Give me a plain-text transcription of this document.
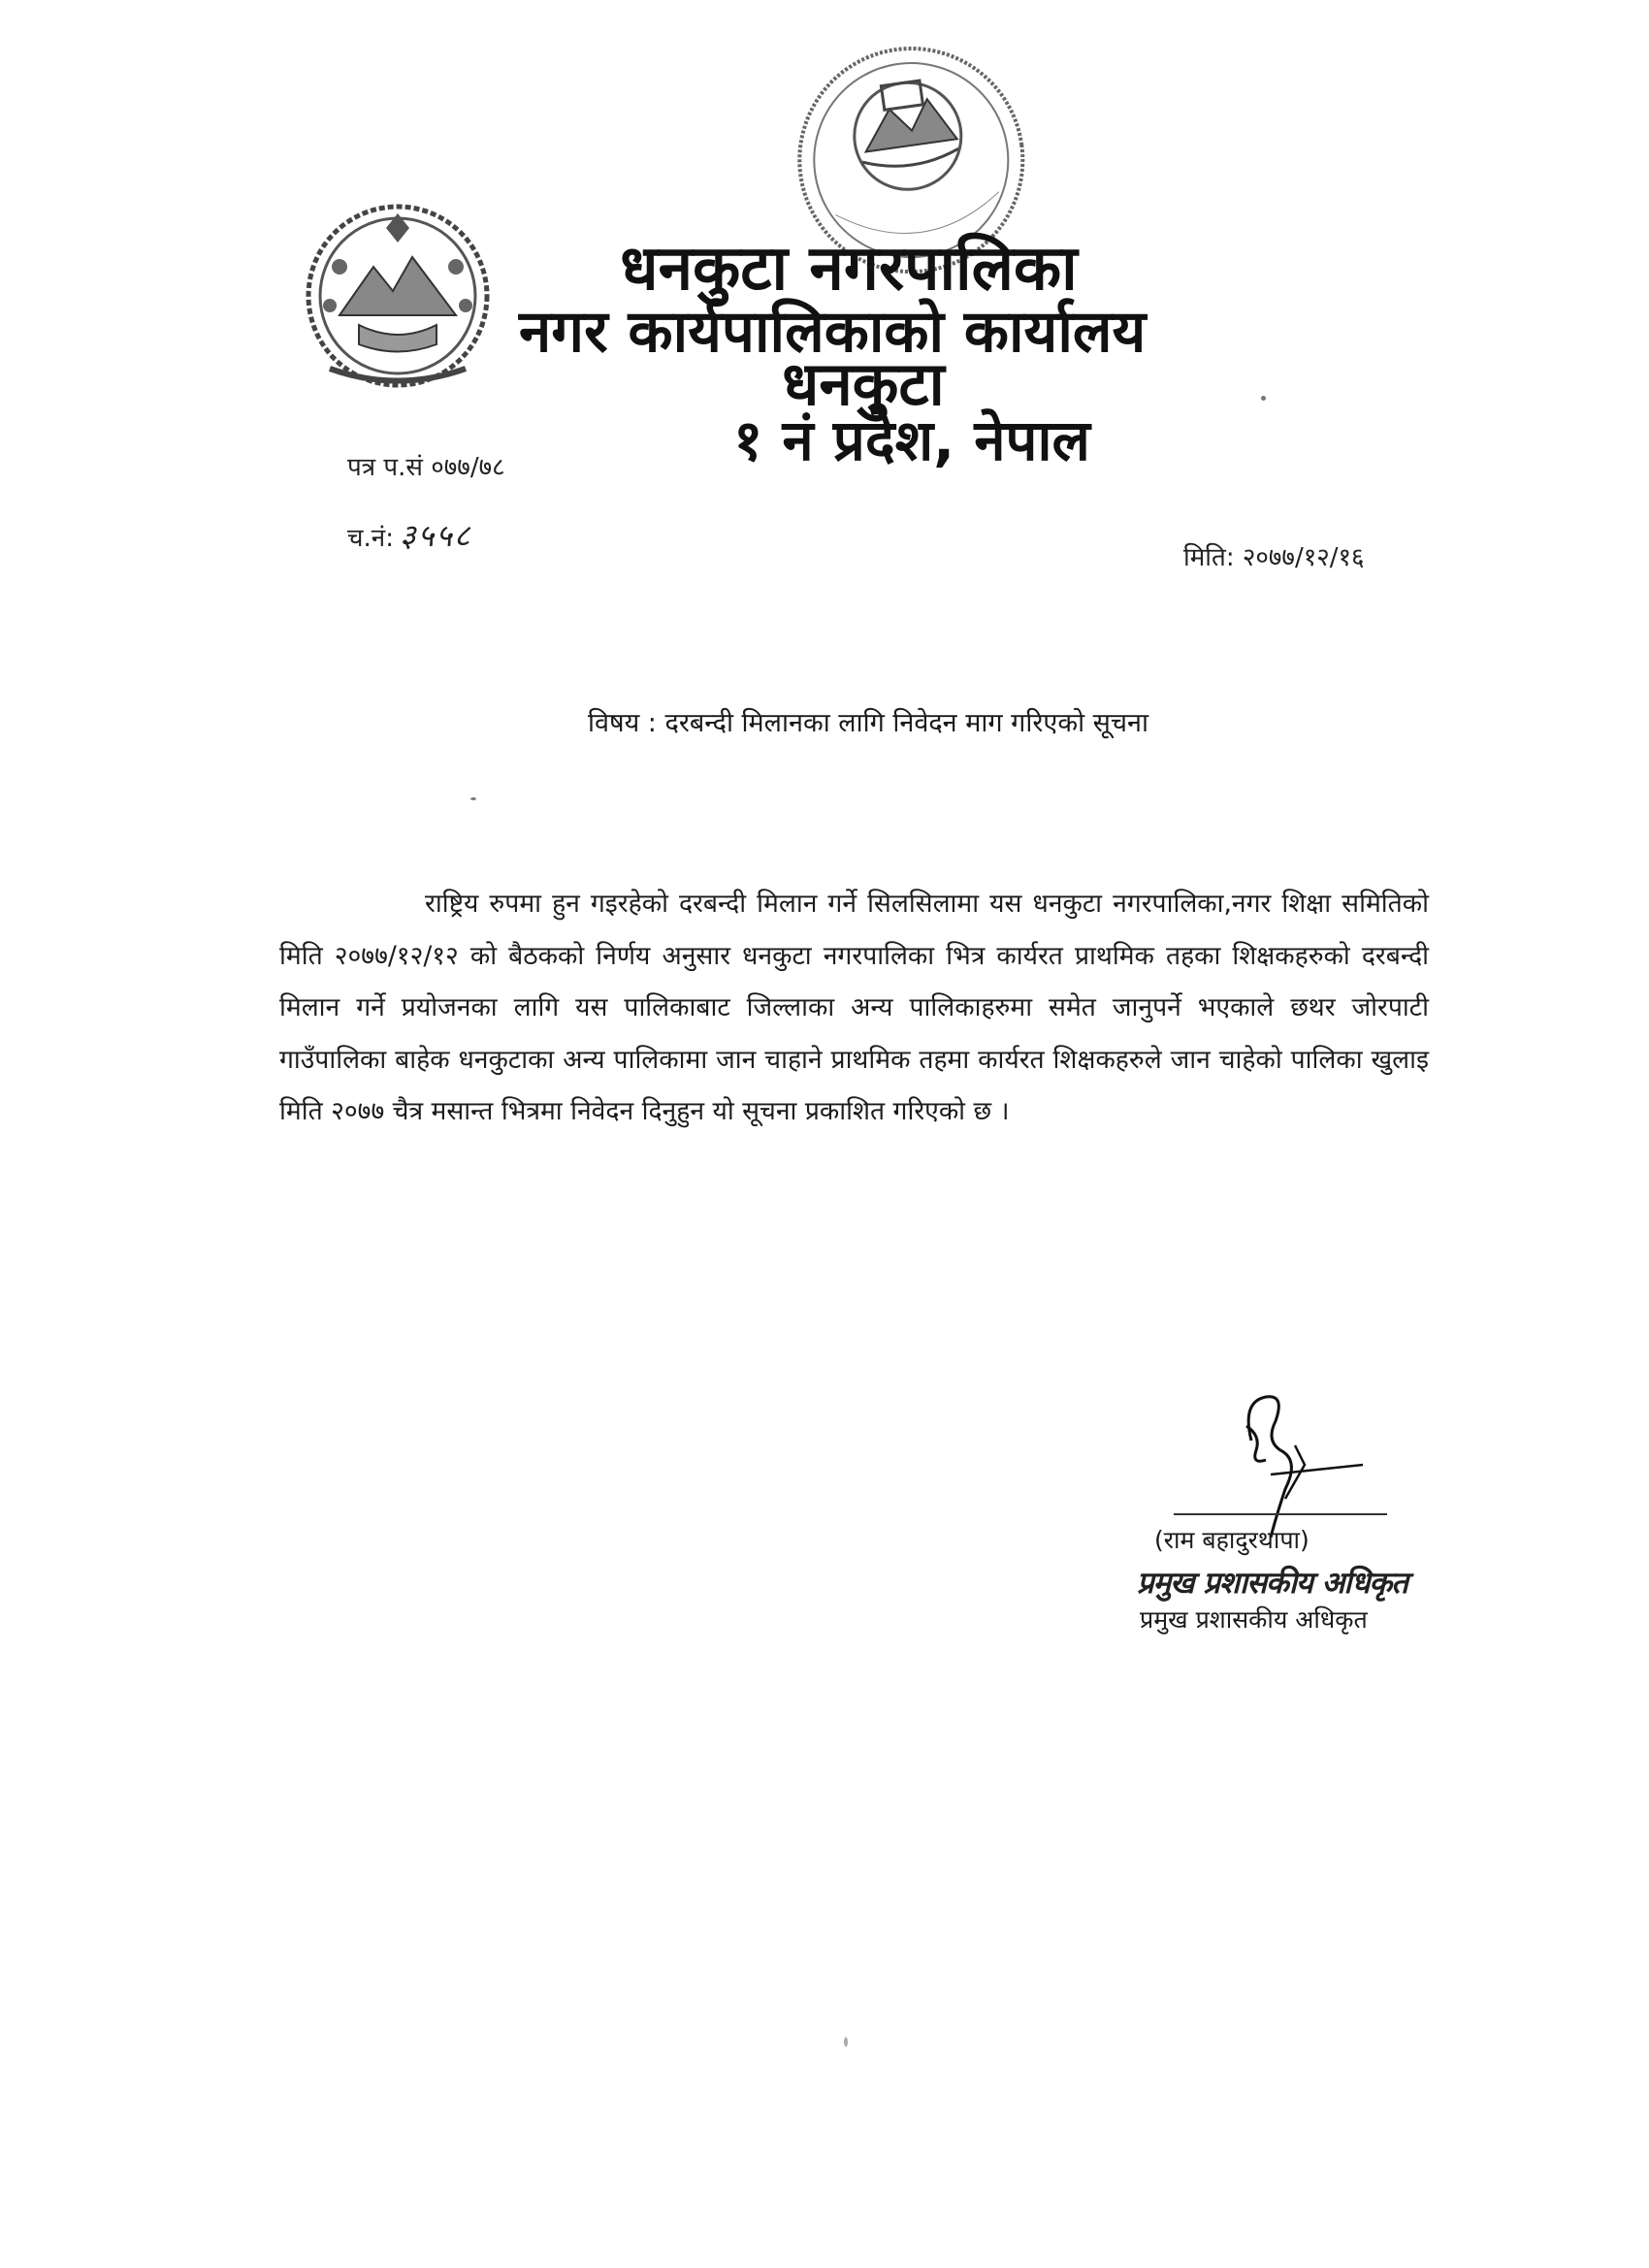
धनकुटा नगरपालिका
नगर कार्यपालिकाको कार्यालय
धनकुटा
१ नं प्रदेश, नेपाल
पत्र प.सं ०७७/७८
च.नं: ३५५८
मिति: २०७७/१२/१६
विषय : दरबन्दी मिलानका लागि निवेदन माग गरिएको सूचना
राष्ट्रिय रुपमा हुन गइरहेको दरबन्दी मिलान गर्ने सिलसिलामा यस धनकुटा नगरपालिका,नगर शिक्षा समितिको मिति २०७७/१२/१२ को बैठकको निर्णय अनुसार धनकुटा नगरपालिका भित्र कार्यरत प्राथमिक तहका शिक्षकहरुको दरबन्दी मिलान गर्ने प्रयोजनका लागि यस पालिकाबाट जिल्लाका अन्य पालिकाहरुमा समेत जानुपर्ने भएकाले छथर जोरपाटी गाउँपालिका बाहेक धनकुटाका अन्य पालिकामा जान चाहाने प्राथमिक तहमा कार्यरत शिक्षकहरुले जान चाहेको पालिका खुलाइ मिति २०७७ चैत्र मसान्त भित्रमा निवेदन दिनुहुन यो सूचना प्रकाशित गरिएको छ ।
(राम बहादुरथापा)
प्रमुख प्रशासकीय अधिकृत
प्रमुख प्रशासकीय अधिकृत
